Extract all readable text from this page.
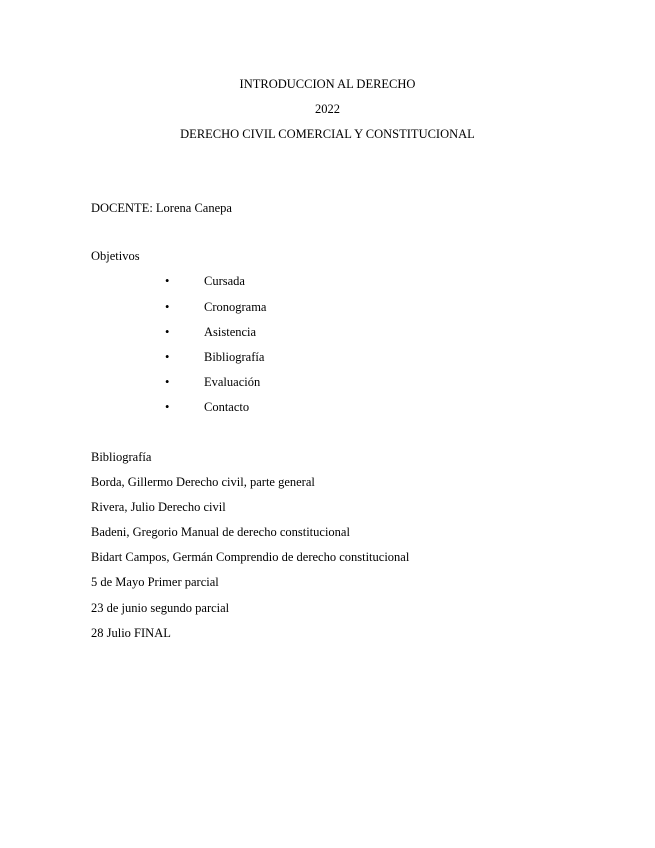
INTRODUCCION AL DERECHO
2022
DERECHO CIVIL COMERCIAL Y CONSTITUCIONAL
DOCENTE: Lorena Canepa
Objetivos
•	Cursada
•	Cronograma
•	Asistencia
•	Bibliografía
•	Evaluación
•	Contacto
Bibliografía
Borda, Gillermo Derecho civil, parte general
Rivera, Julio Derecho civil
Badeni, Gregorio Manual de derecho constitucional
Bidart Campos, Germán Comprendio de derecho constitucional
5 de Mayo Primer parcial
23 de junio segundo parcial
28 Julio FINAL
